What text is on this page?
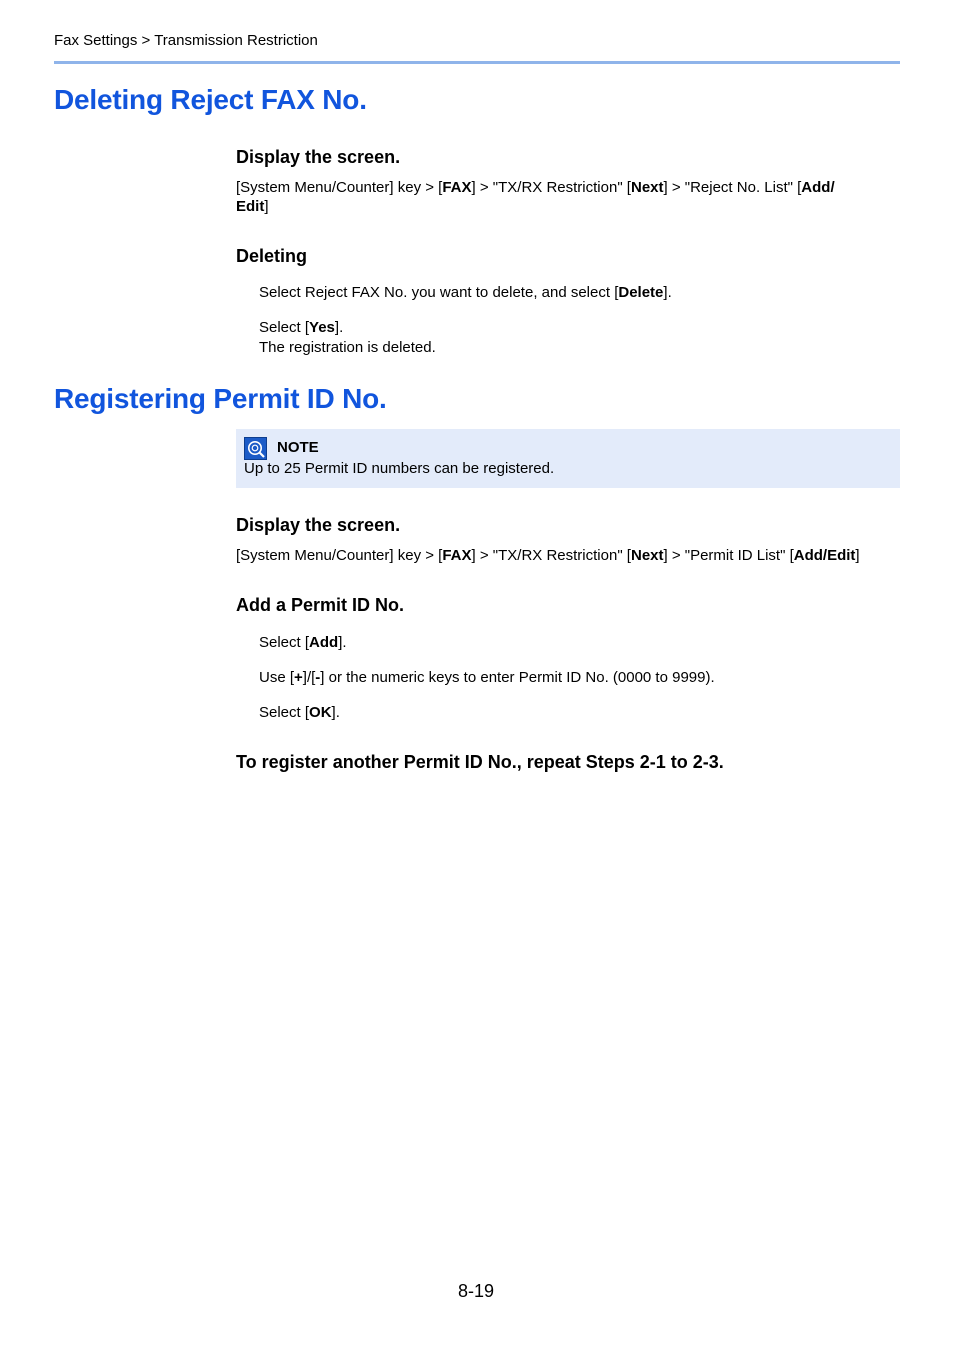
Fax Settings > Transmission Restriction
Deleting Reject FAX No.
Display the screen.
[System Menu/Counter] key > [FAX] > "TX/RX Restriction" [Next] > "Reject No. List" [Add/
Edit]
Deleting
Select Reject FAX No. you want to delete, and select [Delete].
Select [Yes].
The registration is deleted.
Registering Permit ID No.
NOTE
Up to 25 Permit ID numbers can be registered.
Display the screen.
[System Menu/Counter] key > [FAX] > "TX/RX Restriction" [Next] > "Permit ID List" [Add/Edit]
Add a Permit ID No.
Select [Add].
Use [+]/[-] or the numeric keys to enter Permit ID No. (0000 to 9999).
Select [OK].
To register another Permit ID No., repeat Steps 2-1 to 2-3.
8-19
